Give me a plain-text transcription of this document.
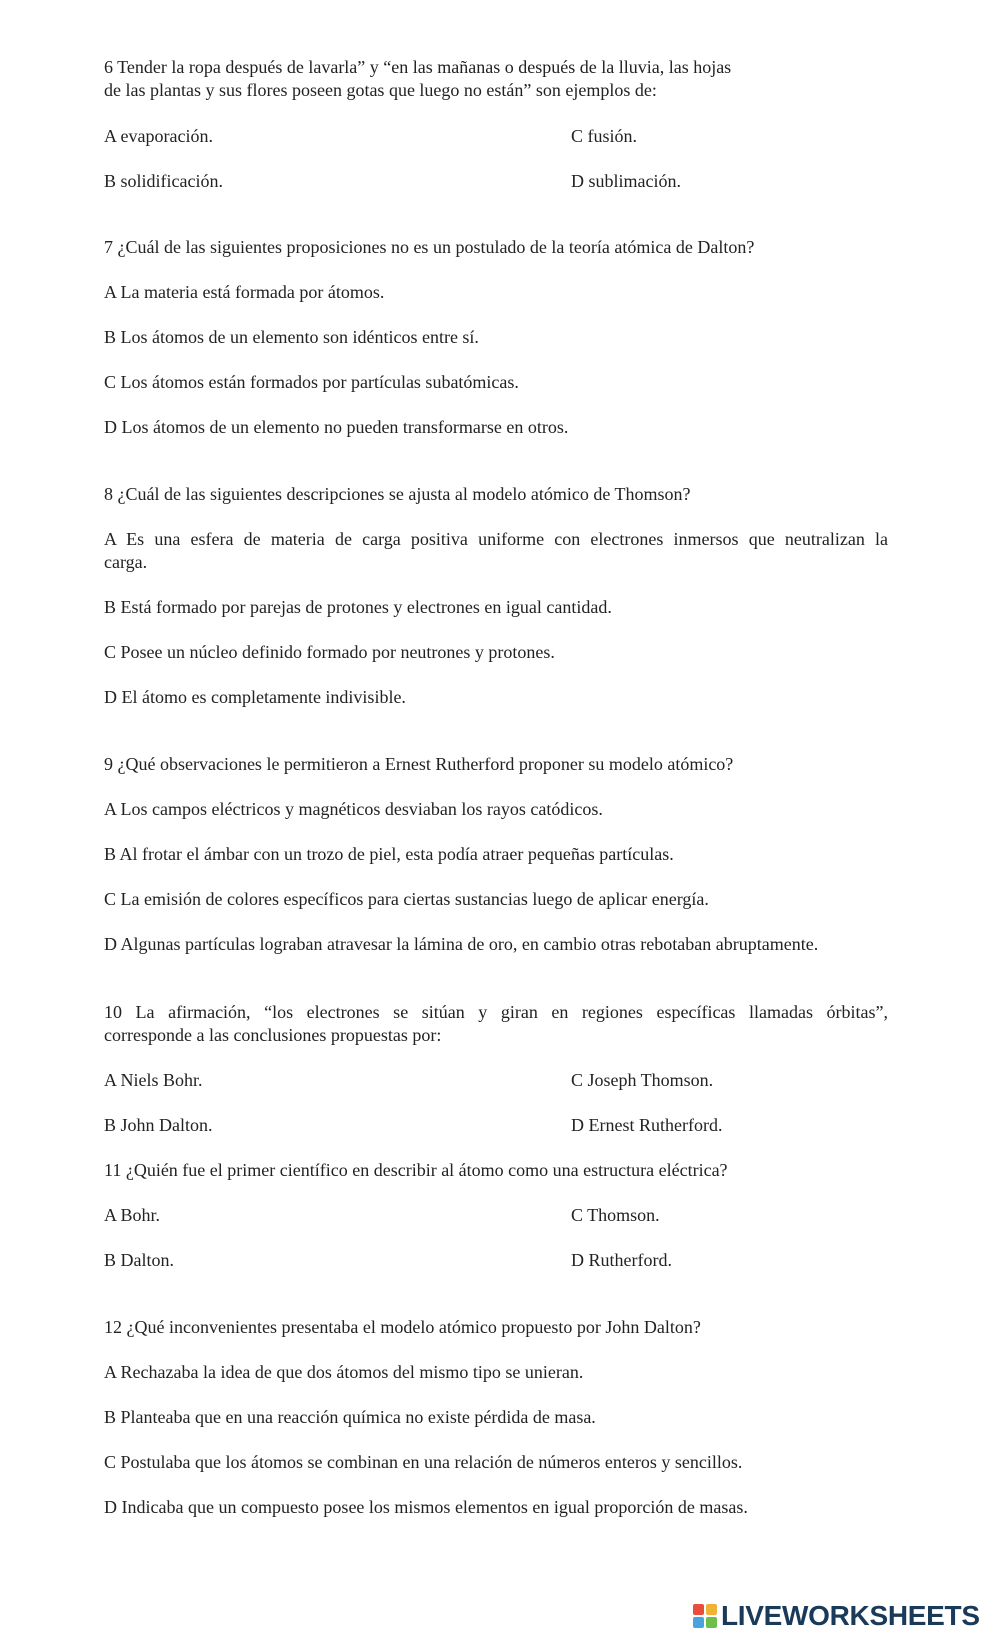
6 Tender la ropa después de lavarla” y “en las mañanas o después de la lluvia, las hojas
de las plantas y sus flores poseen gotas que luego no están” son ejemplos de:
A evaporación.	C fusión.
B solidificación.	D sublimación.
7 ¿Cuál de las siguientes proposiciones no es un postulado de la teoría atómica de Dalton?
A La materia está formada por átomos.
B Los átomos de un elemento son idénticos entre sí.
C Los átomos están formados por partículas subatómicas.
D Los átomos de un elemento no pueden transformarse en otros.
8 ¿Cuál de las siguientes descripciones se ajusta al modelo atómico de Thomson?
A Es una esfera de materia de carga positiva uniforme con electrones inmersos que neutralizan la
carga.
B Está formado por parejas de protones y electrones en igual cantidad.
C Posee un núcleo definido formado por neutrones y protones.
D El átomo es completamente indivisible.
9 ¿Qué observaciones le permitieron a Ernest Rutherford proponer su modelo atómico?
A Los campos eléctricos y magnéticos desviaban los rayos catódicos.
B Al frotar el ámbar con un trozo de piel, esta podía atraer pequeñas partículas.
C La emisión de colores específicos para ciertas sustancias luego de aplicar energía.
D Algunas partículas lograban atravesar la lámina de oro, en cambio otras rebotaban abruptamente.
10 La afirmación, “los electrones se sitúan y giran en regiones específicas llamadas órbitas”,
corresponde a las conclusiones propuestas por:
A Niels Bohr.	C Joseph Thomson.
B John Dalton.	D Ernest Rutherford.
11 ¿Quién fue el primer científico en describir al átomo como una estructura eléctrica?
A Bohr.	C Thomson.
B Dalton.	D Rutherford.
12 ¿Qué inconvenientes presentaba el modelo atómico propuesto por John Dalton?
A Rechazaba la idea de que dos átomos del mismo tipo se unieran.
B Planteaba que en una reacción química no existe pérdida de masa.
C Postulaba que los átomos se combinan en una relación de números enteros y sencillos.
D Indicaba que un compuesto posee los mismos elementos en igual proporción de masas.
LIVEWORKSHEETS
